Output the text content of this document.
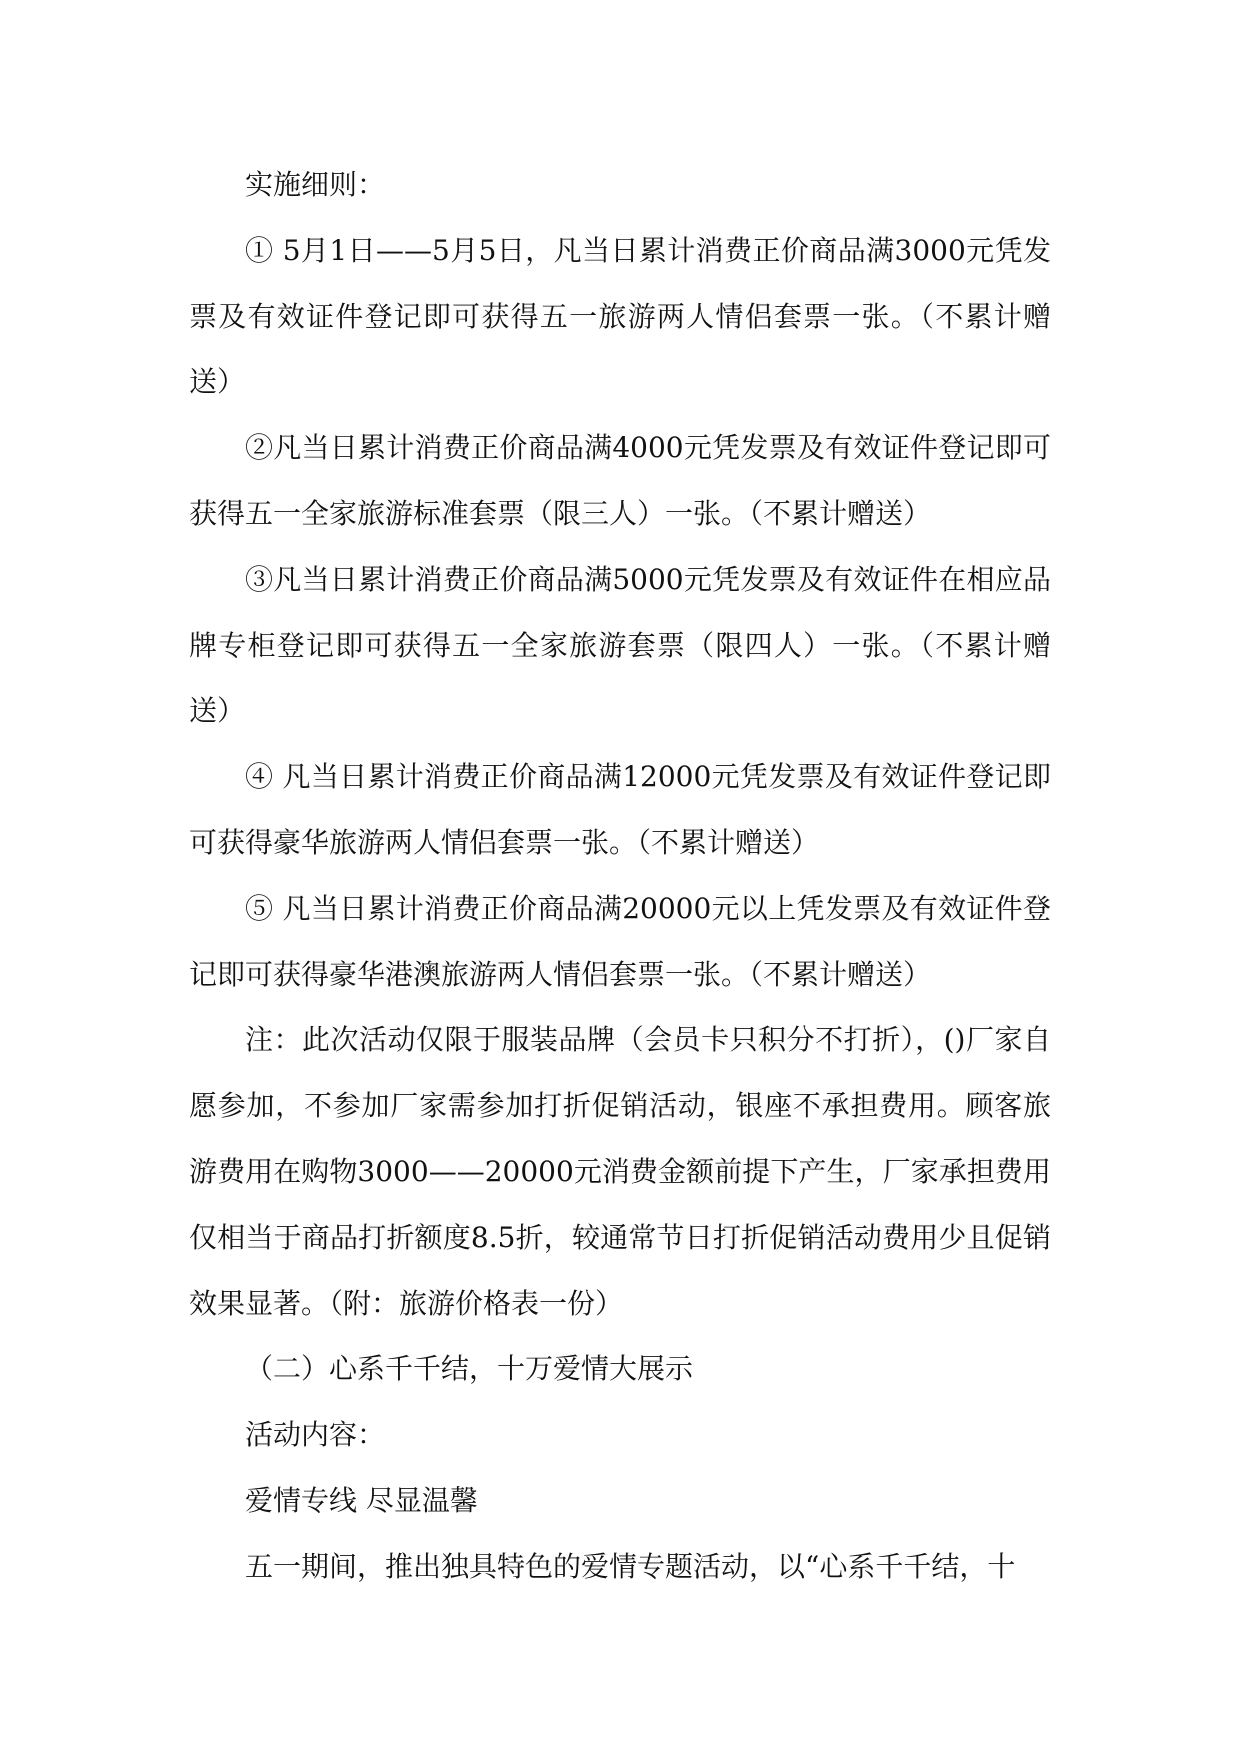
实施细则：

① 5月1日——5月5日，凡当日累计消费正价商品满3000元凭发票及有效证件登记即可获得五一旅游两人情侣套票一张。（不累计赠送）

②凡当日累计消费正价商品满4000元凭发票及有效证件登记即可获得五一全家旅游标准套票（限三人）一张。（不累计赠送）

③凡当日累计消费正价商品满5000元凭发票及有效证件在相应品牌专柜登记即可获得五一全家旅游套票（限四人）一张。（不累计赠送）

④ 凡当日累计消费正价商品满12000元凭发票及有效证件登记即可获得豪华旅游两人情侣套票一张。（不累计赠送）

⑤ 凡当日累计消费正价商品满20000元以上凭发票及有效证件登记即可获得豪华港澳旅游两人情侣套票一张。（不累计赠送）

注：此次活动仅限于服装品牌（会员卡只积分不打折），()厂家自愿参加，不参加厂家需参加打折促销活动，银座不承担费用。顾客旅游费用在购物3000——20000元消费金额前提下产生，厂家承担费用仅相当于商品打折额度8.5折，较通常节日打折促销活动费用少且促销效果显著。（附：旅游价格表一份）

（二）心系千千结，十万爱情大展示

活动内容：

爱情专线 尽显温馨

五一期间，推出独具特色的爱情专题活动，以“心系千千结，十
